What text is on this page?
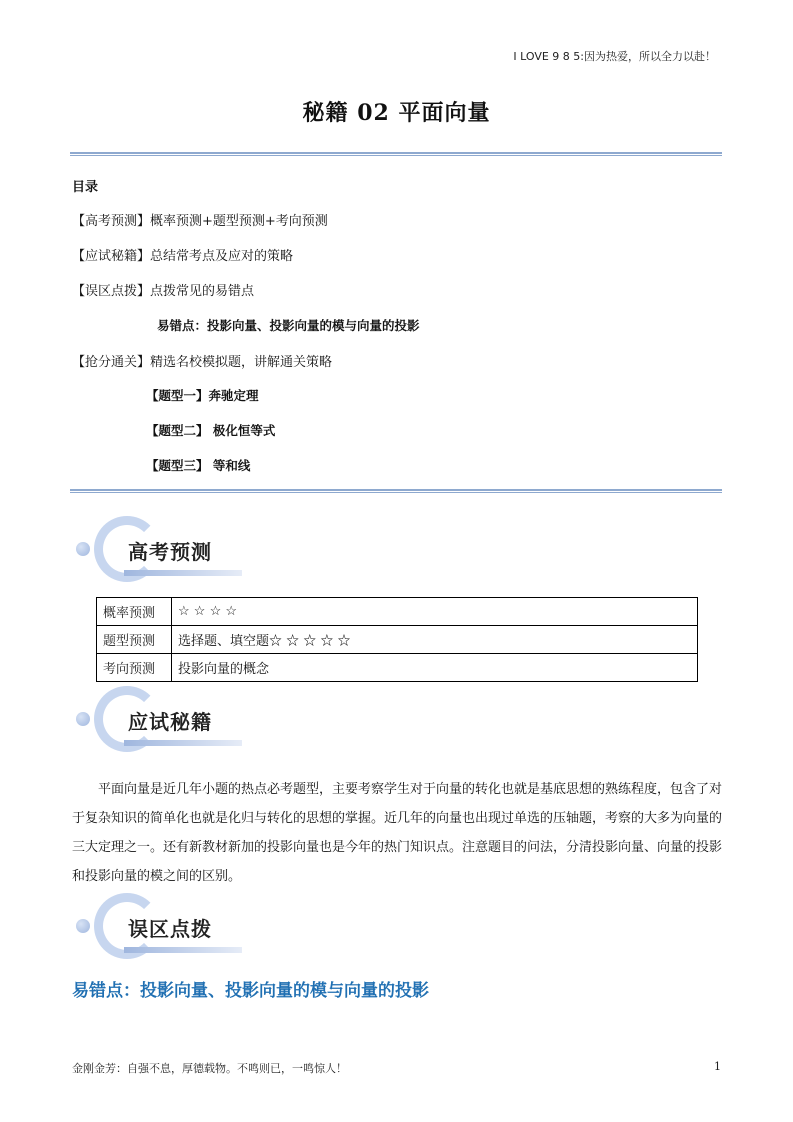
I LOVE 9 8 5:因为热爱，所以全力以赴！
秘籍 02 平面向量
目录
【高考预测】概率预测+题型预测+考向预测
【应试秘籍】总结常考点及应对的策略
【误区点拨】点拨常见的易错点
易错点：投影向量、投影向量的模与向量的投影
【抢分通关】精选名校模拟题，讲解通关策略
【题型一】奔驰定理
【题型二】 极化恒等式
【题型三】 等和线
高考预测
概率预测	☆ ☆ ☆ ☆
题型预测	选择题、填空题☆ ☆ ☆ ☆ ☆
考向预测	投影向量的概念
应试秘籍
平面向量是近几年小题的热点必考题型，主要考察学生对于向量的转化也就是基底思想的熟练程度，包含了对于复杂知识的简单化也就是化归与转化的思想的掌握。近几年的向量也出现过单选的压轴题，考察的大多为向量的三大定理之一。还有新教材新加的投影向量也是今年的热门知识点。注意题目的问法，分清投影向量、向量的投影和投影向量的模之间的区别。
误区点拨
易错点：投影向量、投影向量的模与向量的投影
金刚金芳：自强不息，厚德载物。不鸣则已，一鸣惊人！	1
